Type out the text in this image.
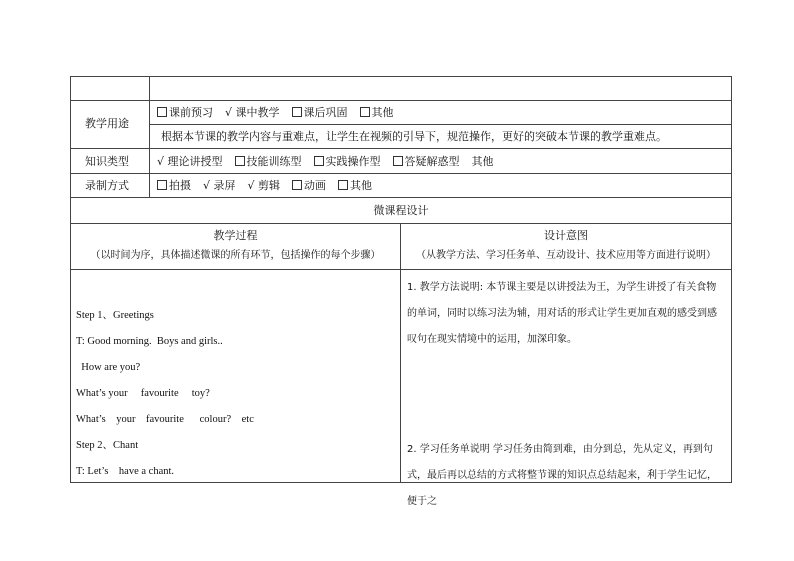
教学用途
课前预习 √ 课中教学 课后巩固 其他
根据本节课的教学内容与重难点，让学生在视频的引导下，规范操作，更好的突破本节课的教学重难点。
知识类型	√ 理论讲授型 技能训练型 实践操作型 答疑解惑型 其他
录制方式	拍摄 √ 录屏 √ 剪辑 动画 其他
微课程设计
教学过程
（以时间为序，具体描述微课的所有环节，包括操作的每个步骤）
设计意图
（从教学方法、学习任务单、互动设计、技术应用等方面进行说明）
Step 1、Greetings
T: Good morning.  Boys and girls..
How are you?
What’s your     favourite     toy?
What’s    your    favourite      colour?    etc
Step 2、Chant
T: Let’s    have a chant.
1. 教学方法说明: 本节课主要是以讲授法为王，为学生讲授了有关食物的单词，同时以练习法为辅，用对话的形式让学生更加直观的感受到感叹句在现实情境中的运用，加深印象。
2. 学习任务单说明 学习任务由简到难，由分到总，先从定义，再到句式，最后再以总结的方式将整节课的知识点总结起来，利于学生记忆，便于之
